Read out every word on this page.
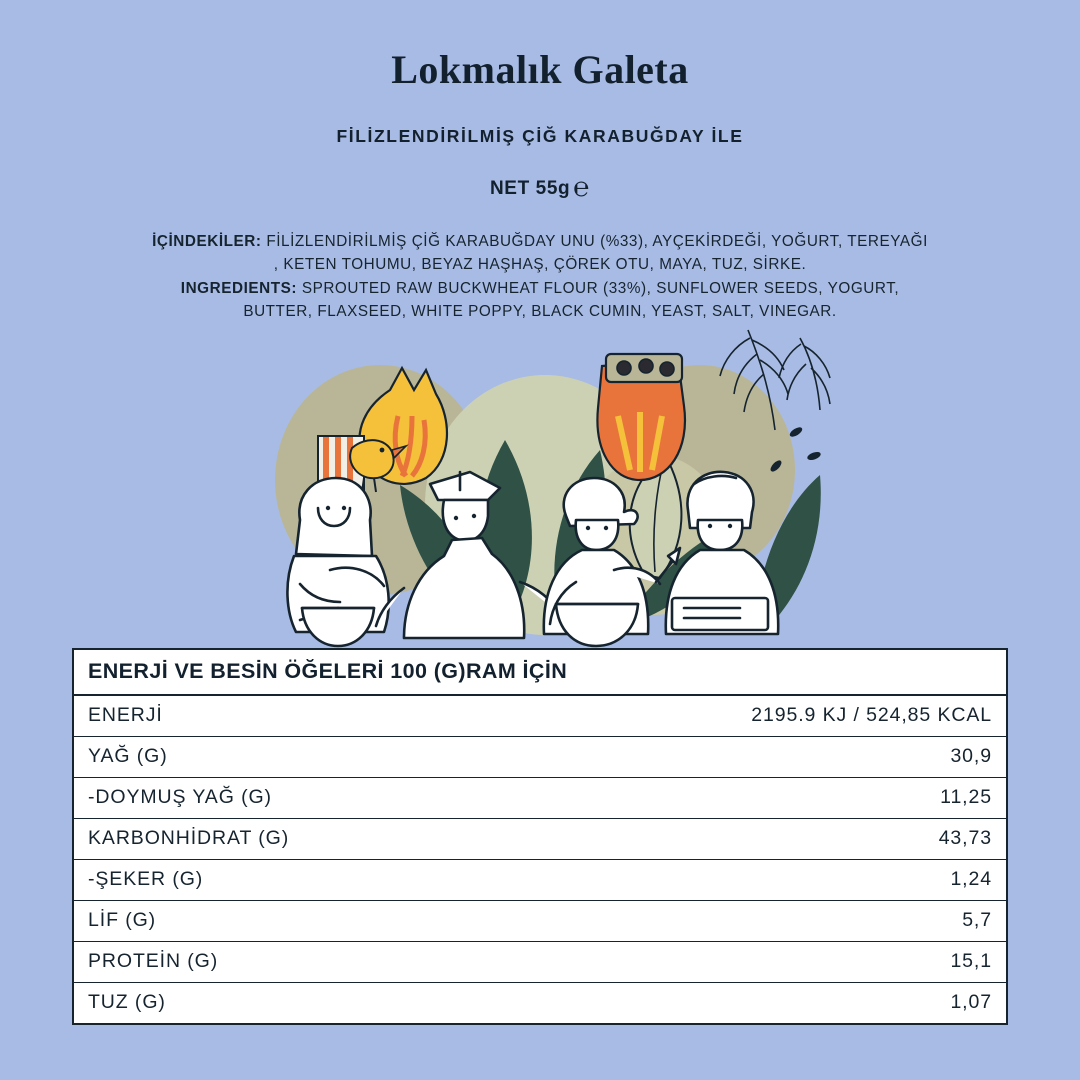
Lokmalık Galeta
FİLİZLENDİRİLMİŞ ÇİĞ KARABUĞDAY İLE
NET 55g ℮
İÇİNDEKİLER: FİLİZLENDİRİLMİŞ ÇİĞ KARABUĞDAY UNU (%33), AYÇEKİRDEĞİ, YOĞURT, TEREYAĞI , KETEN TOHUMU, BEYAZ HAŞHAŞ, ÇÖREK OTU, MAYA, TUZ, SİRKE.
INGREDIENTS: SPROUTED RAW BUCKWHEAT FLOUR (33%), SUNFLOWER SEEDS, YOGURT, BUTTER, FLAXSEED, WHITE POPPY, BLACK CUMIN, YEAST, SALT, VINEGAR.
ENERJİ VE BESİN ÖĞELERİ 100 (G)RAM İÇİN
ENERJİ	2195.9 KJ / 524,85 KCAL
YAĞ (G)	30,9
-DOYMUŞ YAĞ (G)	11,25
KARBONHİDRAT (G)	43,73
-ŞEKER (G)	1,24
LİF (G)	5,7
PROTEİN (G)	15,1
TUZ (G)	1,07
